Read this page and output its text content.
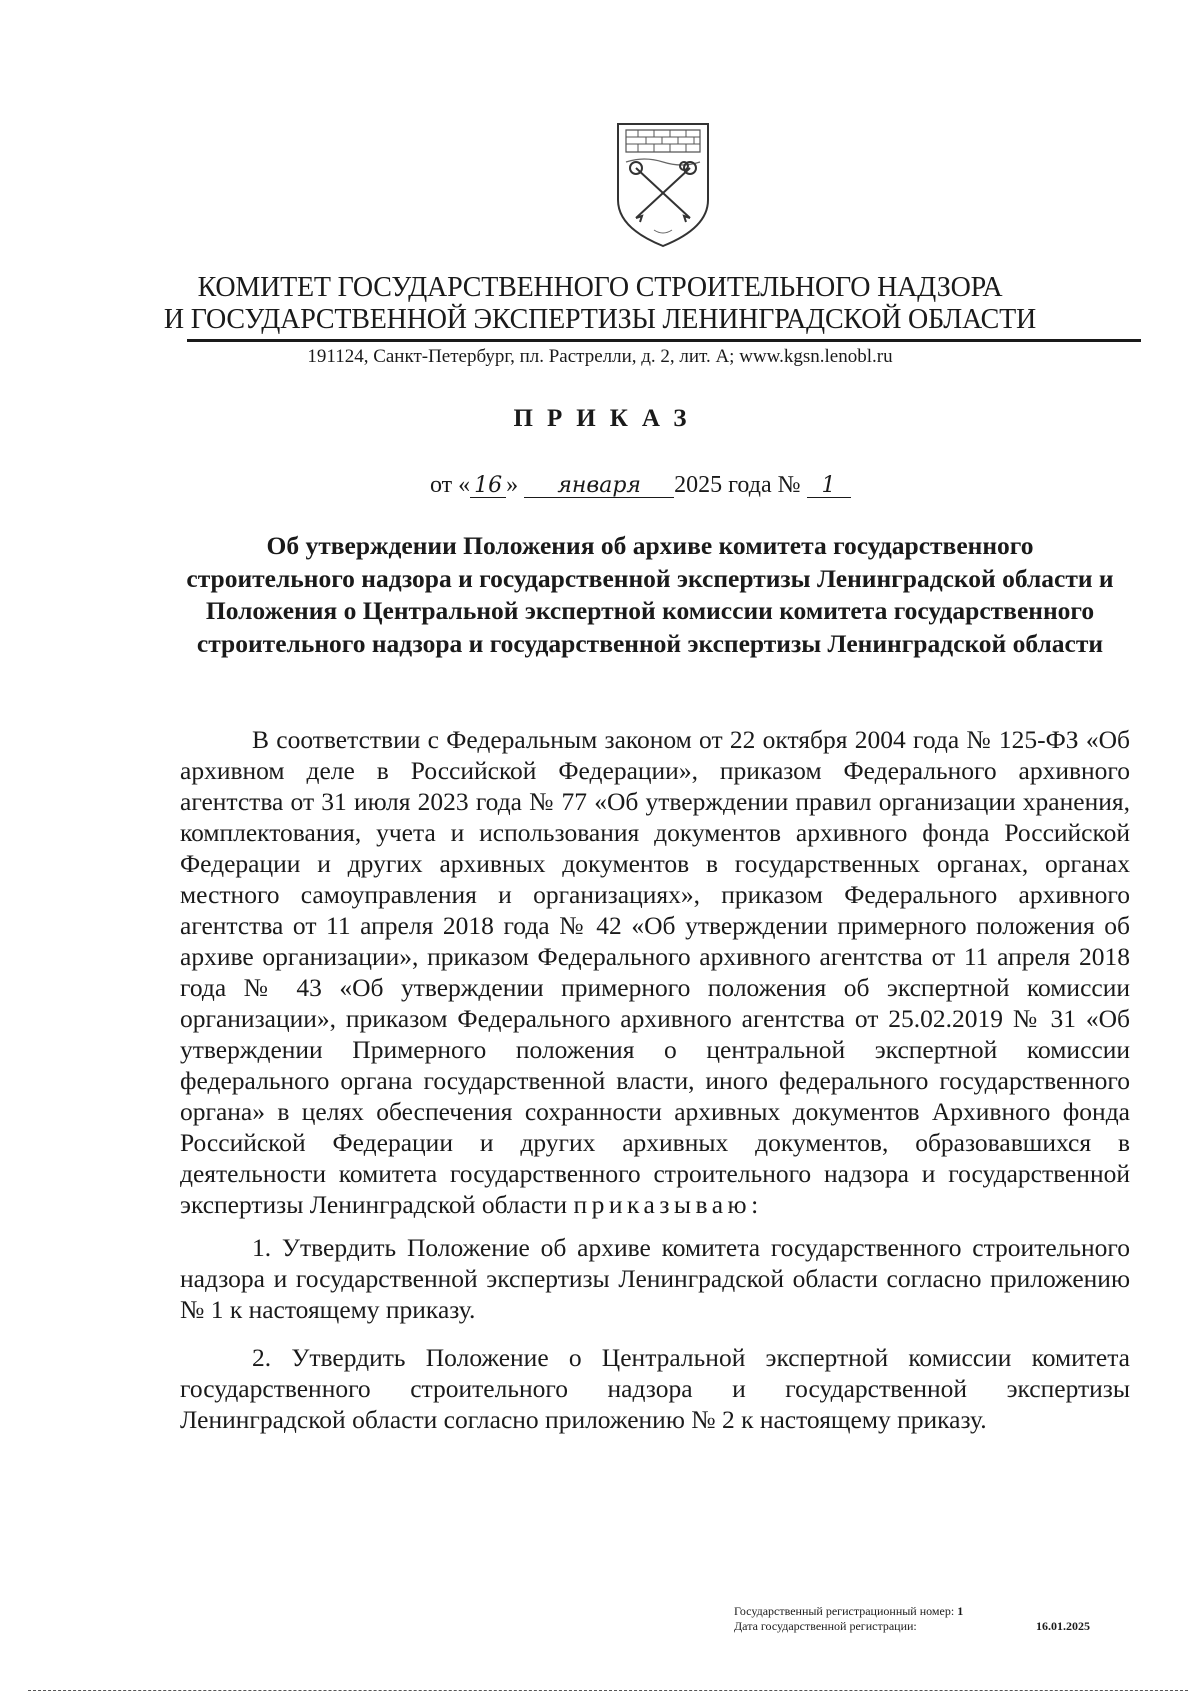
КОМИТЕТ ГОСУДАРСТВЕННОГО СТРОИТЕЛЬНОГО НАДЗОРА
И ГОСУДАРСТВЕННОЙ ЭКСПЕРТИЗЫ ЛЕНИНГРАДСКОЙ ОБЛАСТИ
191124, Санкт-Петербург, пл. Растрелли, д. 2, лит. А; www.kgsn.lenobl.ru
ПРИКАЗ
от « 16 » января 2025 года № 1
Об утверждении Положения об архиве комитета государственного строительного надзора и государственной экспертизы Ленинградской области и Положения о Центральной экспертной комиссии комитета государственного строительного надзора и государственной экспертизы Ленинградской области

В соответствии с Федеральным законом от 22 октября 2004 года № 125-ФЗ «Об архивном деле в Российской Федерации», приказом Федерального архивного агентства от 31 июля 2023 года № 77 «Об утверждении правил организации хранения, комплектования, учета и использования документов архивного фонда Российской Федерации и других архивных документов в государственных органах, органах местного самоуправления и организациях», приказом Федерального архивного агентства от 11 апреля 2018 года № 42 «Об утверждении примерного положения об архиве организации», приказом Федерального архивного агентства от 11 апреля 2018 года № 43 «Об утверждении примерного положения об экспертной комиссии организации», приказом Федерального архивного агентства от 25.02.2019 № 31 «Об утверждении Примерного положения о центральной экспертной комиссии федерального органа государственной власти, иного федерального государственного органа» в целях обеспечения сохранности архивных документов Архивного фонда Российской Федерации и других архивных документов, образовавшихся в деятельности комитета государственного строительного надзора и государственной экспертизы Ленинградской области приказываю:

1. Утвердить Положение об архиве комитета государственного строительного надзора и государственной экспертизы Ленинградской области согласно приложению № 1 к настоящему приказу.

2. Утвердить Положение о Центральной экспертной комиссии комитета государственного строительного надзора и государственной экспертизы Ленинградской области согласно приложению № 2 к настоящему приказу.

Государственный регистрационный номер: 1
Дата государственной регистрации:	16.01.2025
